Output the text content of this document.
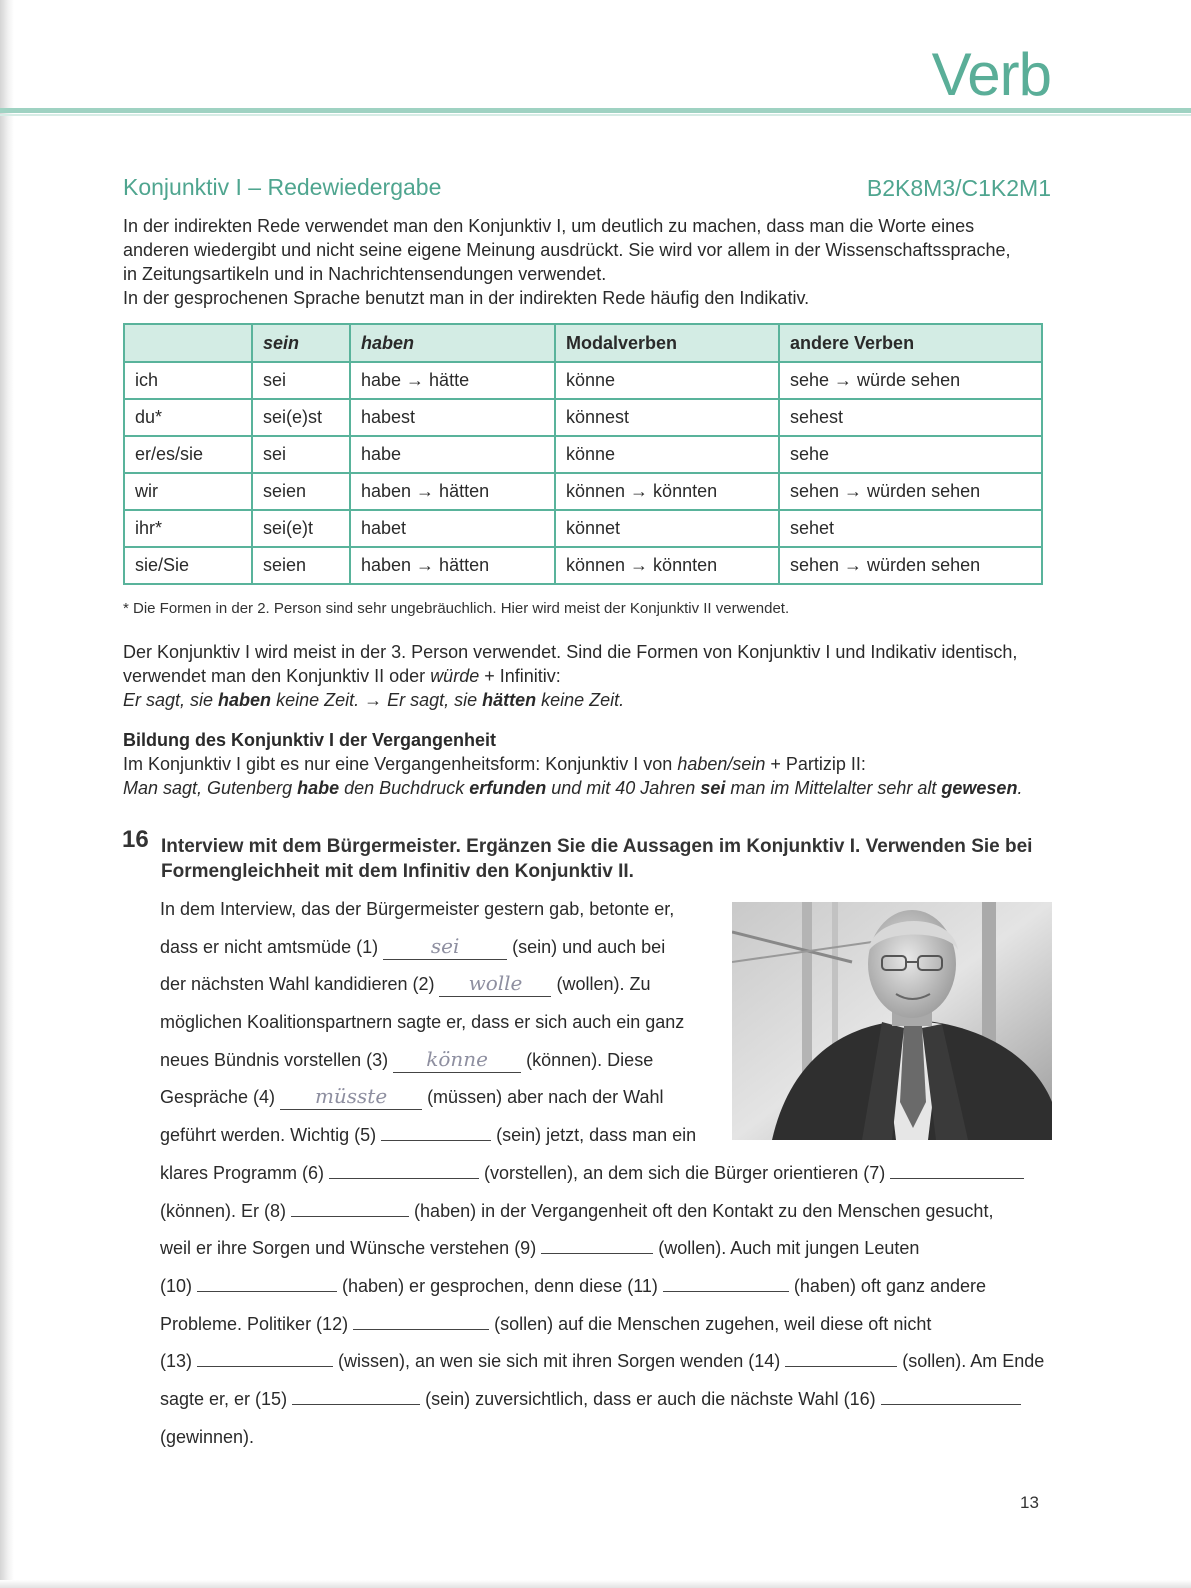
Verb
Konjunktiv I – Redewiedergabe	B2K8M3/C1K2M1

In der indirekten Rede verwendet man den Konjunktiv I, um deutlich zu machen, dass man die Worte eines

anderen wiedergibt und nicht seine eigene Meinung ausdrückt. Sie wird vor allem in der Wissenschaftssprache,

in Zeitungsartikeln und in Nachrichtensendungen verwendet.

In der gesprochenen Sprache benutzt man in der indirekten Rede häufig den Indikativ.

	sein	haben	Modalverben	andere Verben
ich	sei	habe → hätte	könne	sehe → würde sehen
du*	sei(e)st	habest	könnest	sehest
er/es/sie	sei	habe	könne	sehe
wir	seien	haben → hätten	können → könnten	sehen → würden sehen
ihr*	sei(e)t	habet	könnet	sehet
sie/Sie	seien	haben → hätten	können → könnten	sehen → würden sehen
* Die Formen in der 2. Person sind sehr ungebräuchlich. Hier wird meist der Konjunktiv II verwendet.

Der Konjunktiv I wird meist in der 3. Person verwendet. Sind die Formen von Konjunktiv I und Indikativ identisch,

verwendet man den Konjunktiv II oder würde + Infinitiv:

Er sagt, sie haben keine Zeit. → Er sagt, sie hätten keine Zeit.

Bildung des Konjunktiv I der Vergangenheit

Im Konjunktiv I gibt es nur eine Vergangenheitsform: Konjunktiv I von haben/sein + Partizip II:

Man sagt, Gutenberg habe den Buchdruck erfunden und mit 40 Jahren sei man im Mittelalter sehr alt gewesen.

16 Interview mit dem Bürgermeister. Ergänzen Sie die Aussagen im Konjunktiv I. Verwenden Sie bei
Formengleichheit mit dem Infinitiv den Konjunktiv II.
In dem Interview, das der Bürgermeister gestern gab, betonte er,
dass er nicht amtsmüde (1) sei	(sein) und auch bei
der nächsten Wahl kandidieren (2) wolle (wollen). Zu
möglichen Koalitionspartnern sagte er, dass er sich auch ein ganz
neues Bündnis vorstellen (3) könne (können). Diese
Gespräche (4) müsste (müssen) aber nach der Wahl
geführt werden. Wichtig (5)	(sein) jetzt, dass man ein
klares Programm (6)	(vorstellen), an dem sich die Bürger orientieren (7)
(können). Er (8)	(haben) in der Vergangenheit oft den Kontakt zu den Menschen gesucht,
weil er ihre Sorgen und Wünsche verstehen (9)	(wollen). Auch mit jungen Leuten
(10)	(haben) er gesprochen, denn diese (11)	(haben) oft ganz andere
Probleme. Politiker (12)	(sollen) auf die Menschen zugehen, weil diese oft nicht
(13)	(wissen), an wen sie sich mit ihren Sorgen wenden (14)	(sollen). Am Ende
sagte er, er (15)	(sein) zuversichtlich, dass er auch die nächste Wahl (16)
(gewinnen).
13
